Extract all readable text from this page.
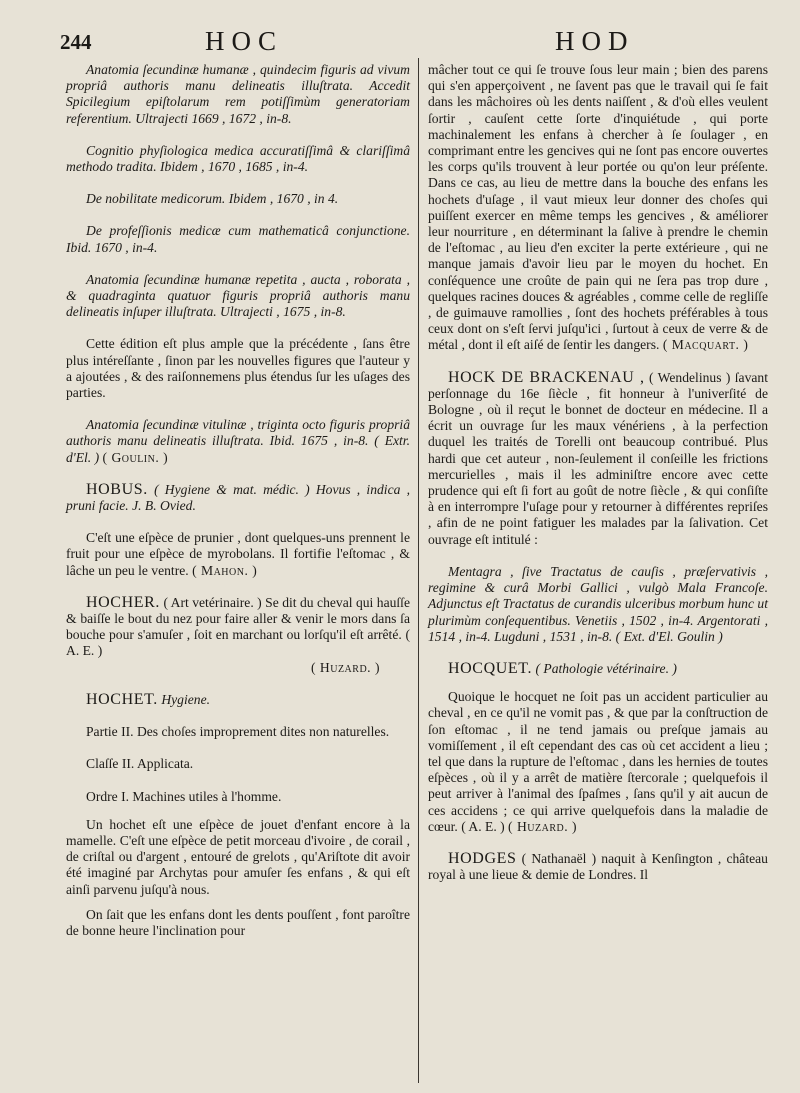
244	HOC	HOD

Anatomia ſecundinæ humanæ , quindecim figuris ad vivum propriâ authoris manu delineatis illuſtrata. Accedit Spicilegium epiſtolarum rem potiſſimùm generatoriam referentium. Ultrajecti 1669 , 1672 , in-8.

Cognitio phyſiologica medica accuratiſſimâ & clariſſimâ methodo tradita. Ibidem , 1670 , 1685 , in-4.

De nobilitate medicorum. Ibidem , 1670 , in 4.

De profeſſionis medicæ cum mathematicâ conjunctione. Ibid. 1670 , in-4.

Anatomia ſecundinæ humanæ repetita , aucta , roborata , & quadraginta quatuor figuris propriâ authoris manu delineatis inſuper illuſtrata. Ultrajecti , 1675 , in-8.

Cette édition eſt plus ample que la précédente , ſans être plus intéreſſante , ſinon par les nouvelles figures que l'auteur y a ajoutées , & des raiſonnemens plus étendus ſur les uſages des parties.

Anatomia ſecundinæ vitulinæ , triginta octo figuris propriâ authoris manu delineatis illuſtrata. Ibid. 1675 , in-8. ( Extr. d'El. ) ( Goulin. )

HOBUS. ( Hygiene & mat. médic. ) Hovus , indica , pruni facie. J. B. Ovied.

C'eſt une eſpèce de prunier , dont quelques-uns prennent le fruit pour une eſpèce de myrobolans. Il fortifie l'eſtomac , & lâche un peu le ventre. ( Mahon. )

HOCHER. ( Art vetérinaire. ) Se dit du cheval qui hauſſe & baiſſe le bout du nez pour faire aller & venir le mors dans ſa bouche pour s'amuſer , ſoit en marchant ou lorſqu'il eſt arrêté. ( A. E. )

( Huzard. )

HOCHET. Hygiene.

Partie II. Des choſes improprement dites non naturelles.

Claſſe II. Applicata.

Ordre I. Machines utiles à l'homme.

Un hochet eſt une eſpèce de jouet d'enfant encore à la mamelle. C'eſt une eſpèce de petit morceau d'ivoire , de corail , de criſtal ou d'argent , entouré de grelots , qu'Ariſtote dit avoir été imaginé par Archytas pour amuſer ſes enfans , & qui eſt ainſi parvenu juſqu'à nous.

On ſait que les enfans dont les dents pouſſent , font paroître de bonne heure l'inclination pour

mâcher tout ce qui ſe trouve ſous leur main ; bien des parens qui s'en apperçoivent , ne ſavent pas que le travail qui ſe fait dans les mâchoires où les dents naiſſent , & d'où elles veulent ſortir , cauſent cette ſorte d'inquiétude , qui porte machinalement les enfans à chercher à ſe ſoulager , en comprimant entre les gencives qui ne ſont pas encore ouvertes les corps qu'ils trouvent à leur portée ou qu'on leur préſente. Dans ce cas, au lieu de mettre dans la bouche des enfans les hochets d'uſage , il vaut mieux leur donner des choſes qui puiſſent exercer en même temps les gencives , & améliorer leur nourriture , en déterminant la ſalive à prendre le chemin de l'eſtomac , au lieu d'en exciter la perte extérieure , qui ne manque jamais d'avoir lieu par le moyen du hochet. En conſéquence une croûte de pain qui ne ſera pas trop dure , quelques racines douces & agréables , comme celle de regliſſe , de guimauve ramollies , ſont des hochets préférables à tous ceux dont on s'eſt ſervi juſqu'ici , ſurtout à ceux de verre & de métal , dont il eſt aiſé de ſentir les dangers. ( Macquart. )

HOCK DE BRACKENAU , ( Wendelinus ) ſavant perſonnage du 16e ſiècle , fit honneur à l'univerſité de Bologne , où il reçut le bonnet de docteur en médecine. Il a écrit un ouvrage ſur les maux vénériens , à la perfection duquel les traités de Torelli ont beaucoup contribué. Plus hardi que cet auteur , non-ſeulement il conſeille les frictions mercurielles , mais il les adminiſtre encore avec cette prudence qui eſt ſi fort au goût de notre ſiècle , & qui conſiſte à en interrompre l'uſage pour y retourner à différentes repriſes , afin de ne point fatiguer les malades par la ſalivation. Cet ouvrage eſt intitulé :

Mentagra , ſive Tractatus de cauſis , præſervativis , regimine & curâ Morbi Gallici , vulgò Mala Francoſe. Adjunctus eſt Tractatus de curandis ulceribus morbum hunc ut plurimùm conſequentibus. Venetiis , 1502 , in-4. Argentorati , 1514 , in-4. Lugduni , 1531 , in-8. ( Ext. d'El. Goulin )

HOCQUET. ( Pathologie vétérinaire. )

Quoique le hocquet ne ſoit pas un accident particulier au cheval , en ce qu'il ne vomit pas , & que par la conſtruction de ſon eſtomac , il ne tend jamais ou preſque jamais au vomiſſement , il eſt cependant des cas où cet accident a lieu ; tel que dans la rupture de l'eſtomac , dans les hernies de toutes eſpèces , où il y a arrêt de matière ſtercorale ; quelquefois il peut arriver à l'animal des ſpaſmes , ſans qu'il y ait aucun de ces accidens ; ce qui arrive quelquefois dans la maladie de cœur. ( A. E. ) ( Huzard. )

HODGES ( Nathanaël ) naquit à Kenſington , château royal à une lieue & demie de Londres. Il
